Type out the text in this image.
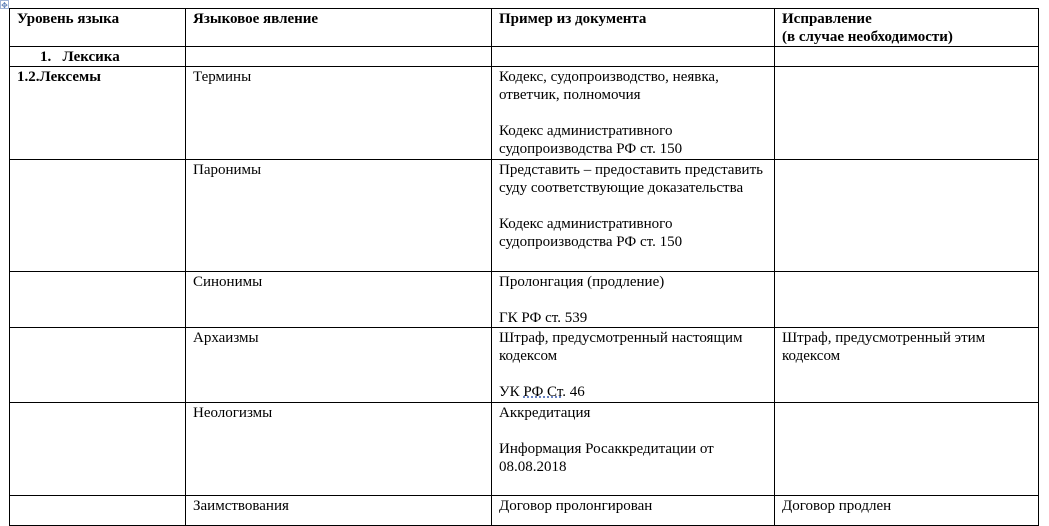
✥
Уровень языка	Языковое явление	Пример из документа	Исправление
(в случае необходимости)
1. Лексика			
1.2.Лексемы	Термины	Кодекс, судопроизводство, неявка, ответчик, полномочия
Кодекс административного судопроизводства РФ ст. 150	

	Паронимы	Представить – предоставить представить суду соответствующие доказательства
Кодекс административного судопроизводства РФ ст. 150	

	Синонимы	Пролонгация (продление)
ГК РФ ст. 539	

	Архаизмы	Штраф, предусмотренный настоящим кодексом
УК РФ Ст. 46	Штраф, предусмотренный этим кодексом
	Неологизмы	Аккредитация
Информация Росаккредитации от 08.08.2018	

	Заимствования	Договор пролонгирован	Договор продлен
